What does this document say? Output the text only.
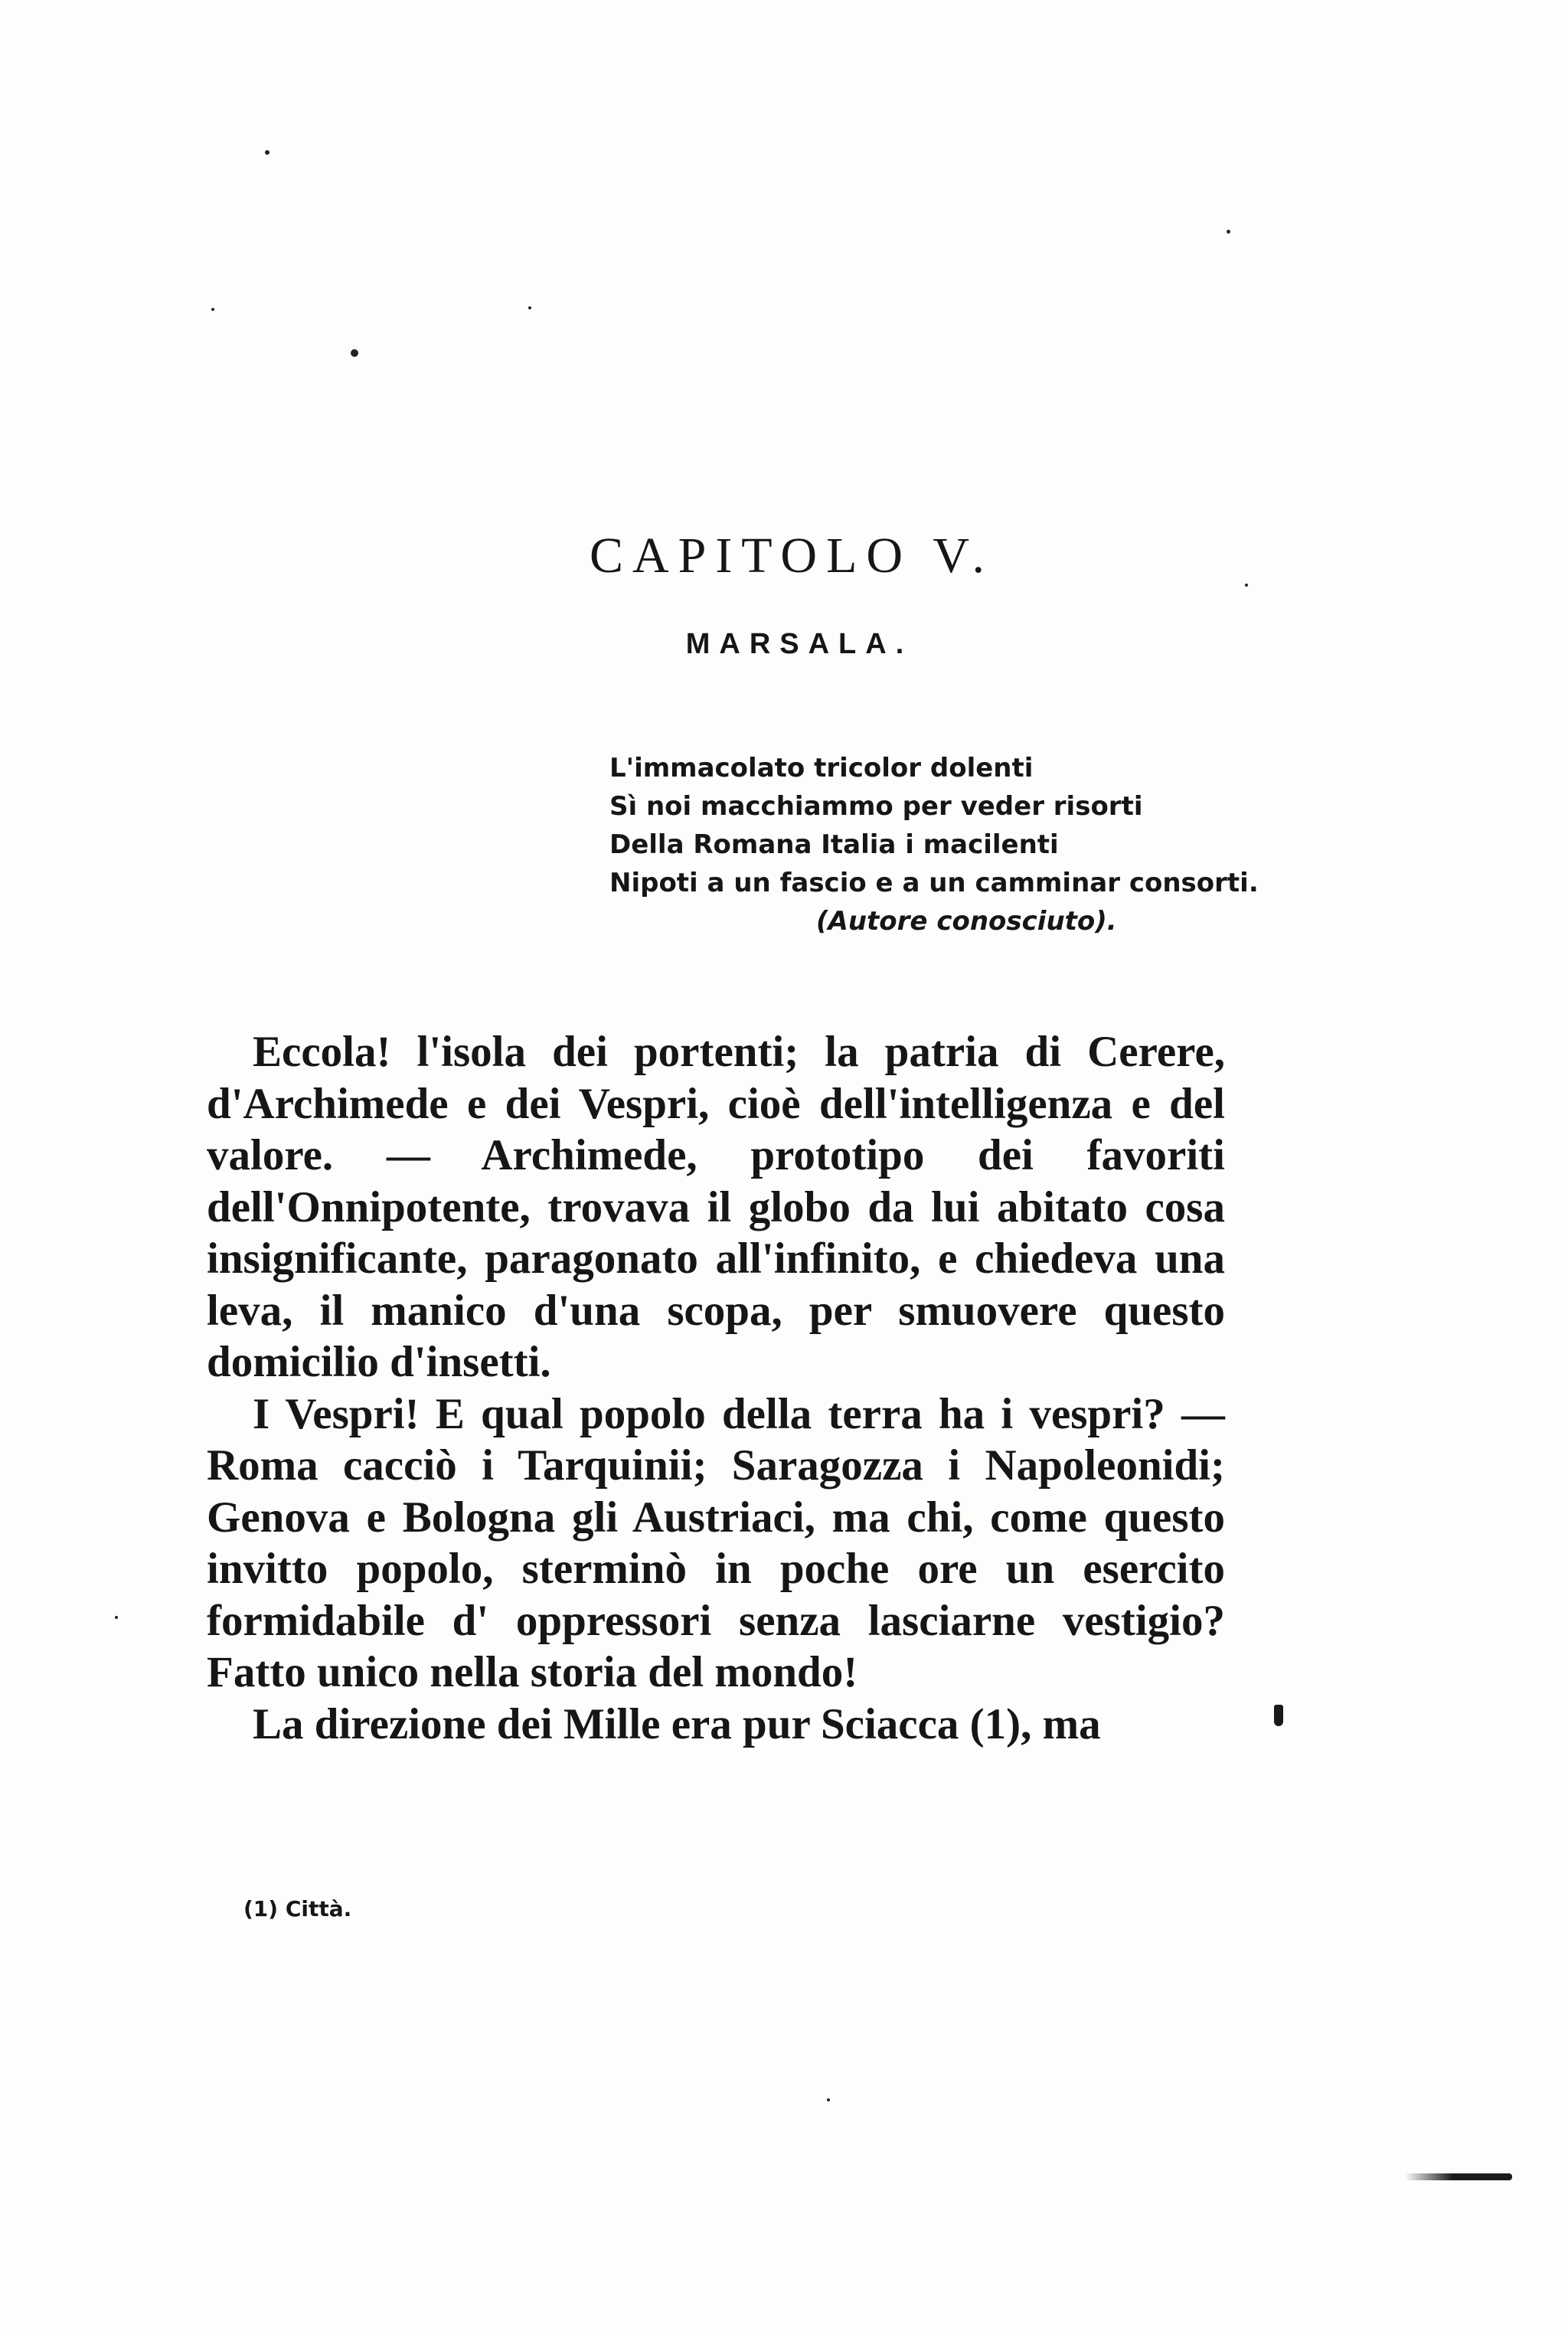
CAPITOLO V.
MARSALA.
L'immacolato tricolor dolenti
Sì noi macchiammo per veder risorti
Della Romana Italia i macilenti
Nipoti a un fascio e a un camminar consorti.
(Autore conosciuto).

Eccola! l'isola dei portenti; la patria di Cerere, d'Archimede e dei Vespri, cioè dell'intelligenza e del valore. — Archimede, prototipo dei favoriti dell'Onnipotente, trovava il globo da lui abitato cosa insignificante, paragonato all'infinito, e chiedeva una leva, il manico d'una scopa, per smuovere questo domicilio d'insetti.

I Vespri! E qual popolo della terra ha i vespri? — Roma cacciò i Tarquinii; Saragozza i Napoleonidi; Genova e Bologna gli Austriaci, ma chi, come questo invitto popolo, sterminò in poche ore un esercito formidabile d' oppressori senza lasciarne vestigio? Fatto unico nella storia del mondo!

La direzione dei Mille era pur Sciacca (1), ma

(1) Città.
